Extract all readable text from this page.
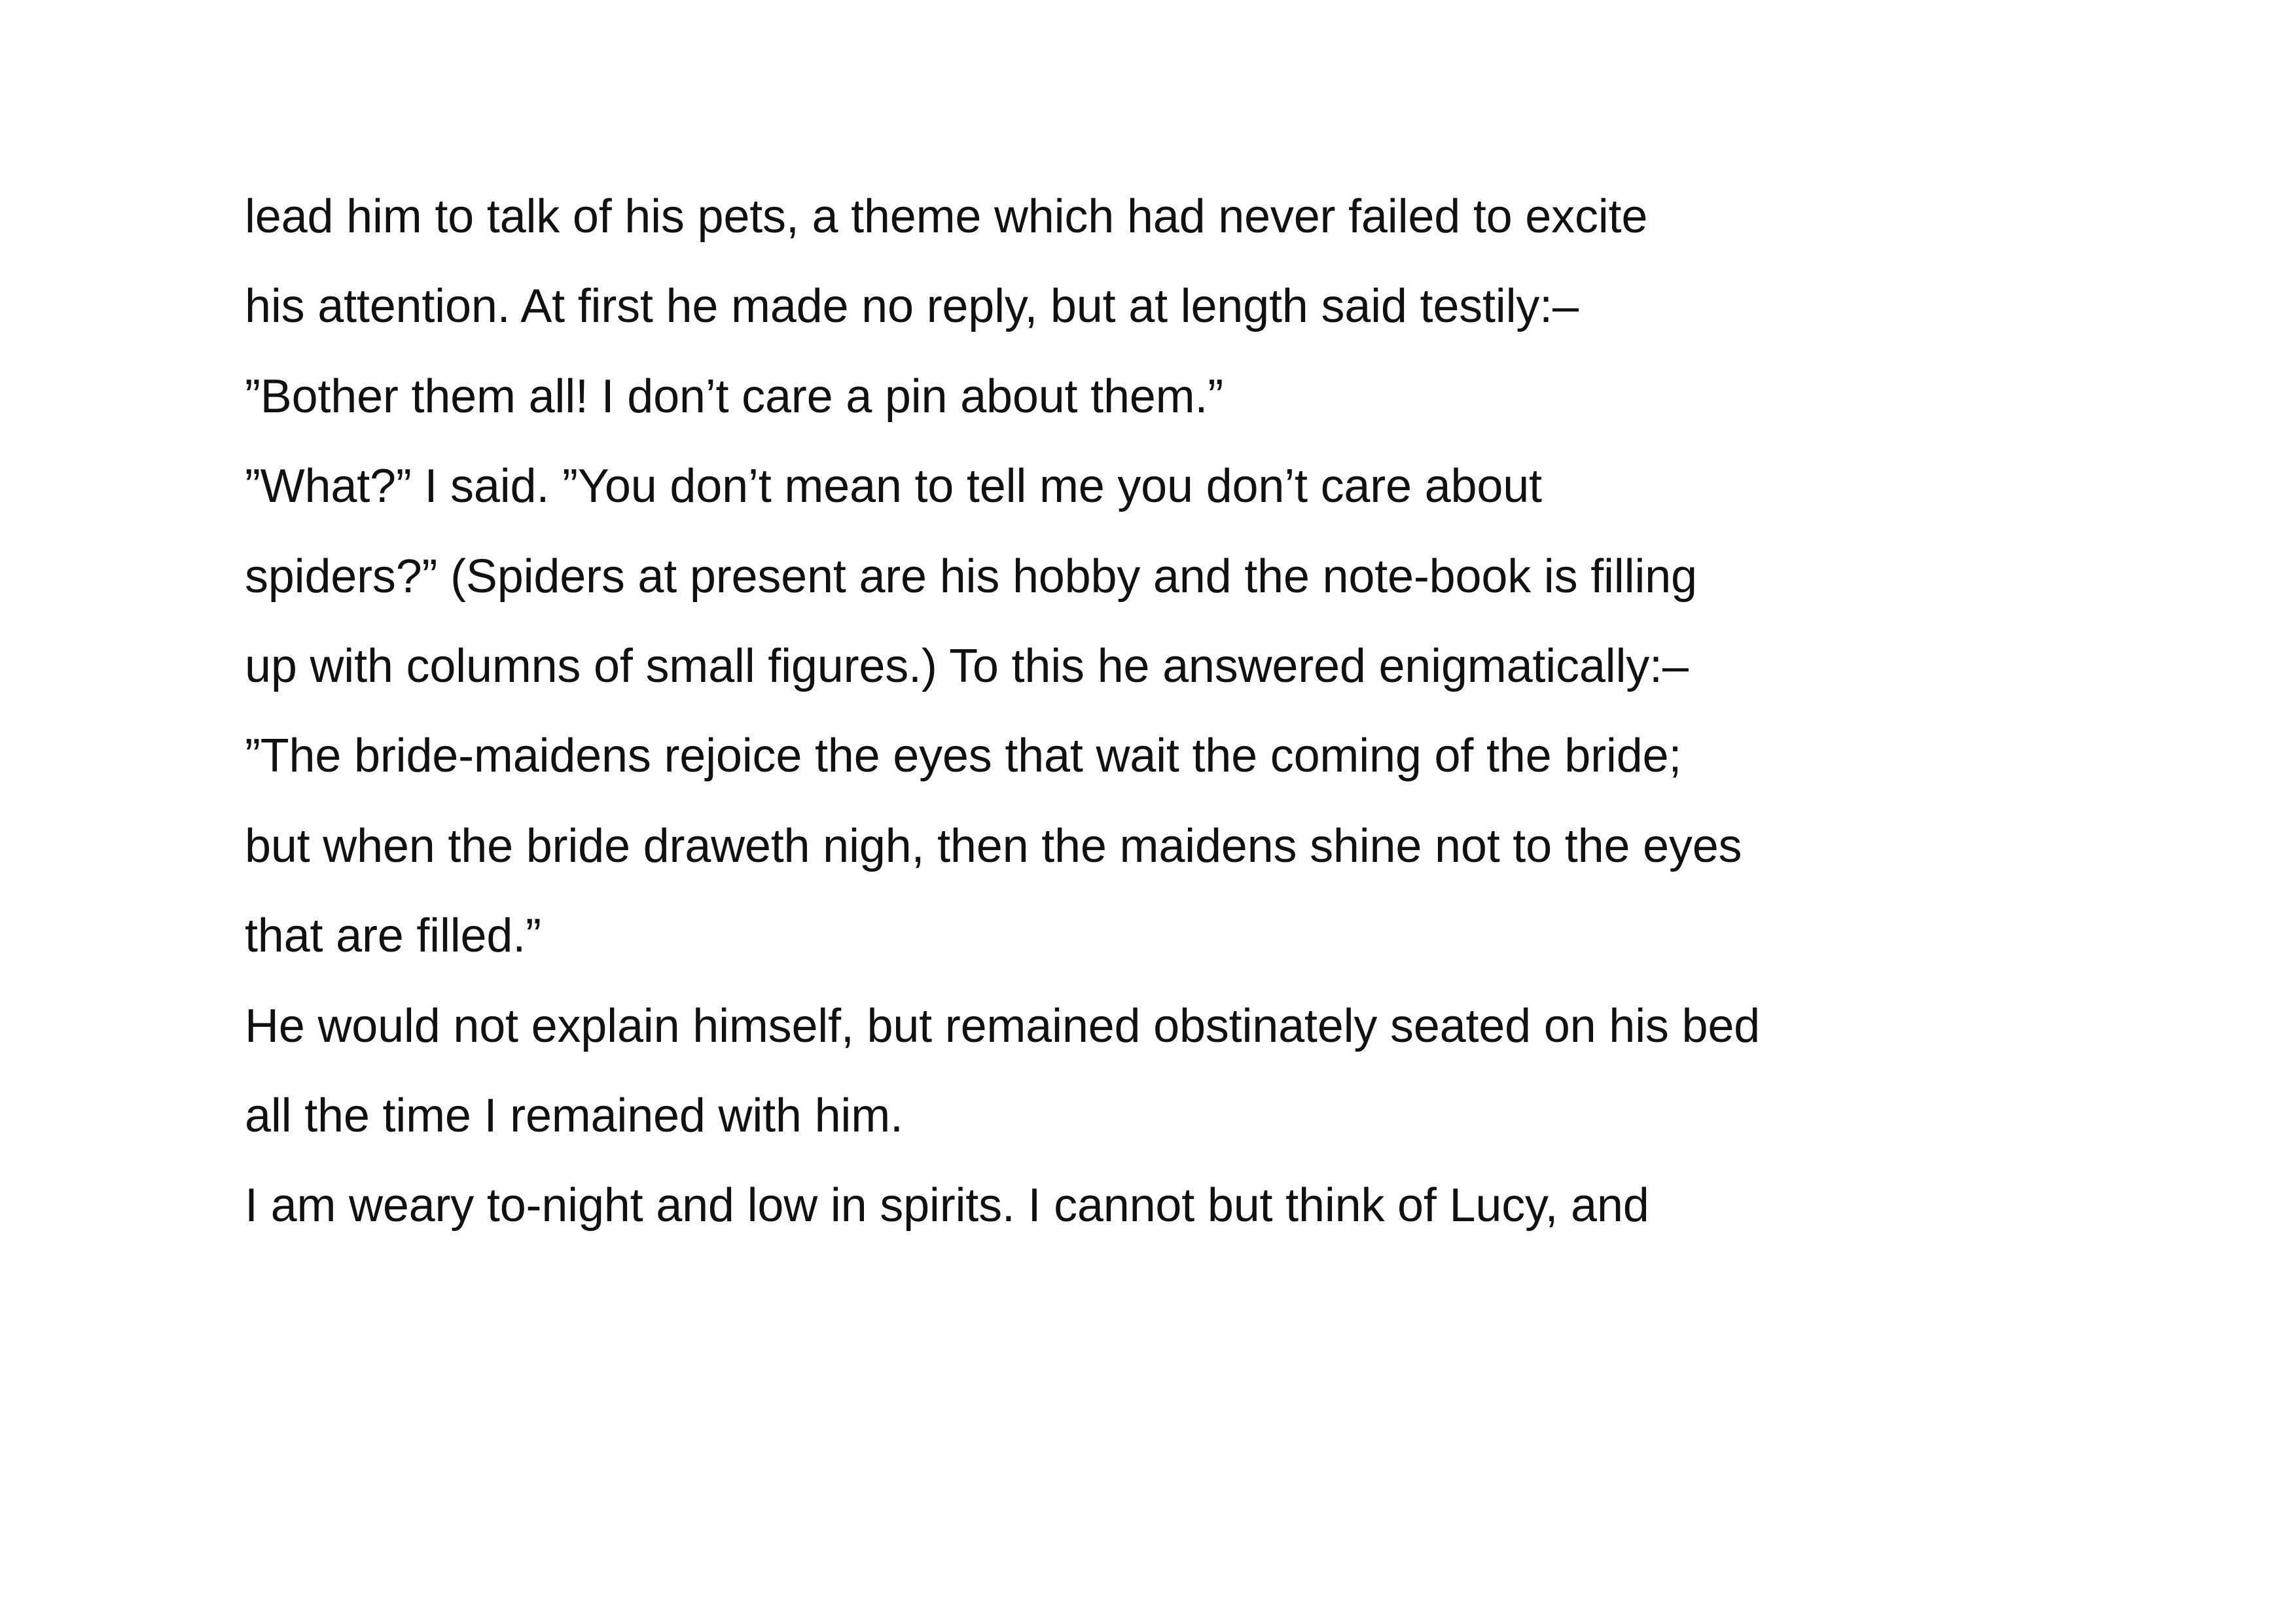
lead him to talk of his pets, a theme which had never failed to excite
his attention. At first he made no reply, but at length said testily:–
”Bother them all! I don’t care a pin about them.”
”What?” I said. ”You don’t mean to tell me you don’t care about
spiders?” (Spiders at present are his hobby and the note-book is filling
up with columns of small figures.) To this he answered enigmatically:–
”The bride-maidens rejoice the eyes that wait the coming of the bride;
but when the bride draweth nigh, then the maidens shine not to the eyes
that are filled.”
He would not explain himself, but remained obstinately seated on his bed
all the time I remained with him.
I am weary to-night and low in spirits. I cannot but think of Lucy, and
